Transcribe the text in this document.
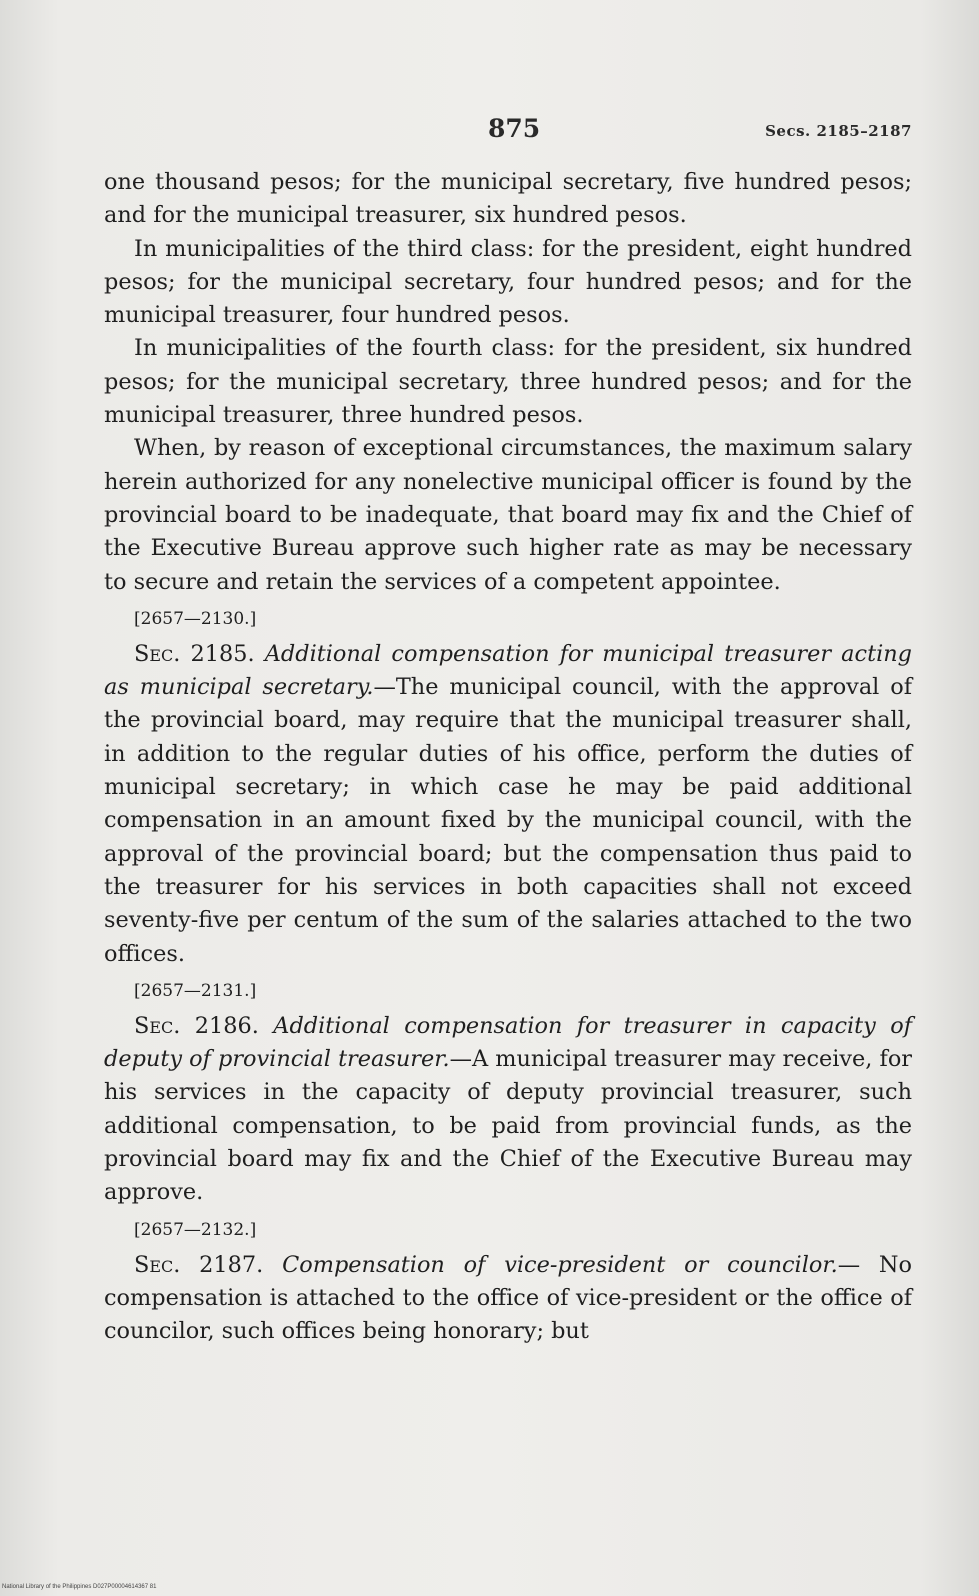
875	Secs. 2185–2187

one thousand pesos; for the municipal secretary, five hundred pesos; and for the municipal treasurer, six hundred pesos.

In municipalities of the third class: for the president, eight hundred pesos; for the municipal secretary, four hundred pesos; and for the municipal treasurer, four hundred pesos.

In municipalities of the fourth class: for the president, six hundred pesos; for the municipal secretary, three hundred pesos; and for the municipal treasurer, three hundred pesos.

When, by reason of exceptional circumstances, the maximum salary herein authorized for any nonelective municipal officer is found by the provincial board to be inadequate, that board may fix and the Chief of the Executive Bureau approve such higher rate as may be necessary to secure and retain the services of a competent appointee.

[2657—2130.]

Sec. 2185. Additional compensation for municipal treasurer acting as municipal secretary.—The municipal council, with the approval of the provincial board, may require that the municipal treasurer shall, in addition to the regular duties of his office, perform the duties of municipal secretary; in which case he may be paid additional compensation in an amount fixed by the municipal council, with the approval of the provincial board; but the compensation thus paid to the treasurer for his services in both capacities shall not exceed seventy-five per centum of the sum of the salaries attached to the two offices.

[2657—2131.]

Sec. 2186. Additional compensation for treasurer in capacity of deputy of provincial treasurer.—A municipal treasurer may receive, for his services in the capacity of deputy provincial treasurer, such additional compensation, to be paid from provincial funds, as the provincial board may fix and the Chief of the Executive Bureau may approve.

[2657—2132.]

Sec. 2187. Compensation of vice-president or councilor.— No compensation is attached to the office of vice-president or the office of councilor, such offices being honorary; but

National Library of the Philippines D027P00004614367 81
